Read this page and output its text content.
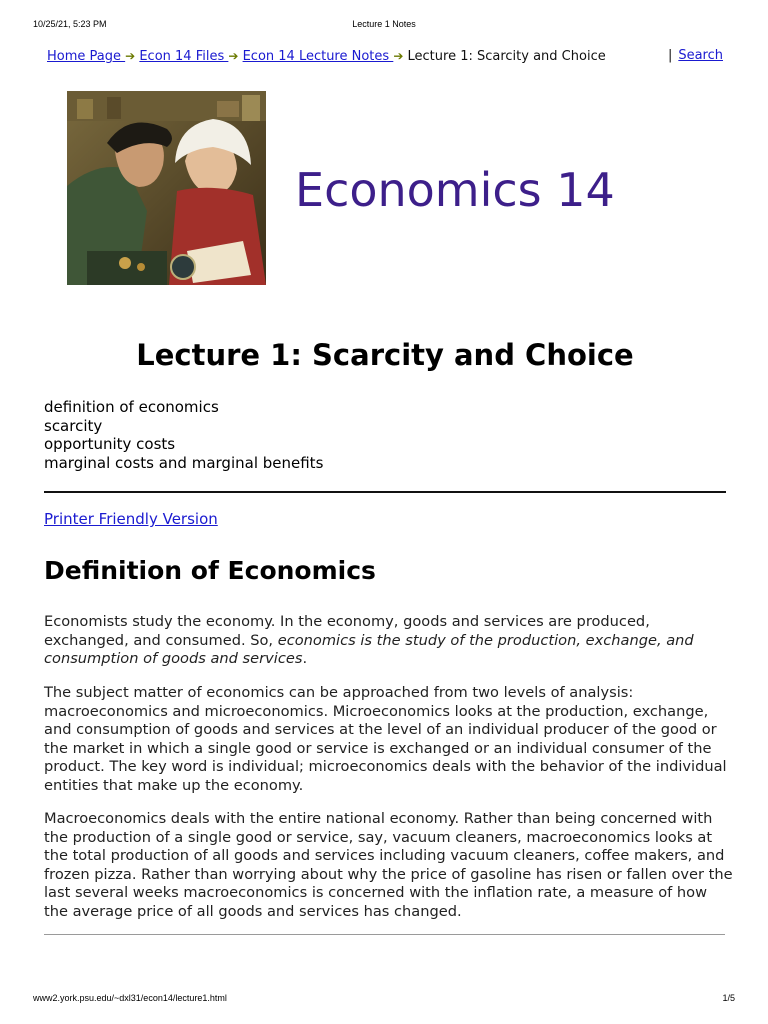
10/25/21, 5:23 PM	Lecture 1 Notes
Home Page ➔ Econ 14 Files ➔ Econ 14 Lecture Notes ➔ Lecture 1: Scarcity and Choice	| Search
Economics 14
Lecture 1: Scarcity and Choice
definition of economics
scarcity
opportunity costs
marginal costs and marginal benefits
Printer Friendly Version
Definition of Economics

Economists study the economy. In the economy, goods and services are produced, exchanged, and consumed. So, economics is the study of the production, exchange, and consumption of goods and services.

The subject matter of economics can be approached from two levels of analysis: macroeconomics and microeconomics. Microeconomics looks at the production, exchange, and consumption of goods and services at the level of an individual producer of the good or the market in which a single good or service is exchanged or an individual consumer of the product. The key word is individual; microeconomics deals with the behavior of the individual entities that make up the economy.

Macroeconomics deals with the entire national economy. Rather than being concerned with the production of a single good or service, say, vacuum cleaners, macroeconomics looks at the total production of all goods and services including vacuum cleaners, coffee makers, and frozen pizza. Rather than worrying about why the price of gasoline has risen or fallen over the last several weeks macroeconomics is concerned with the inflation rate, a measure of how the average price of all goods and services has changed.

www2.york.psu.edu/~dxl31/econ14/lecture1.html	1/5
